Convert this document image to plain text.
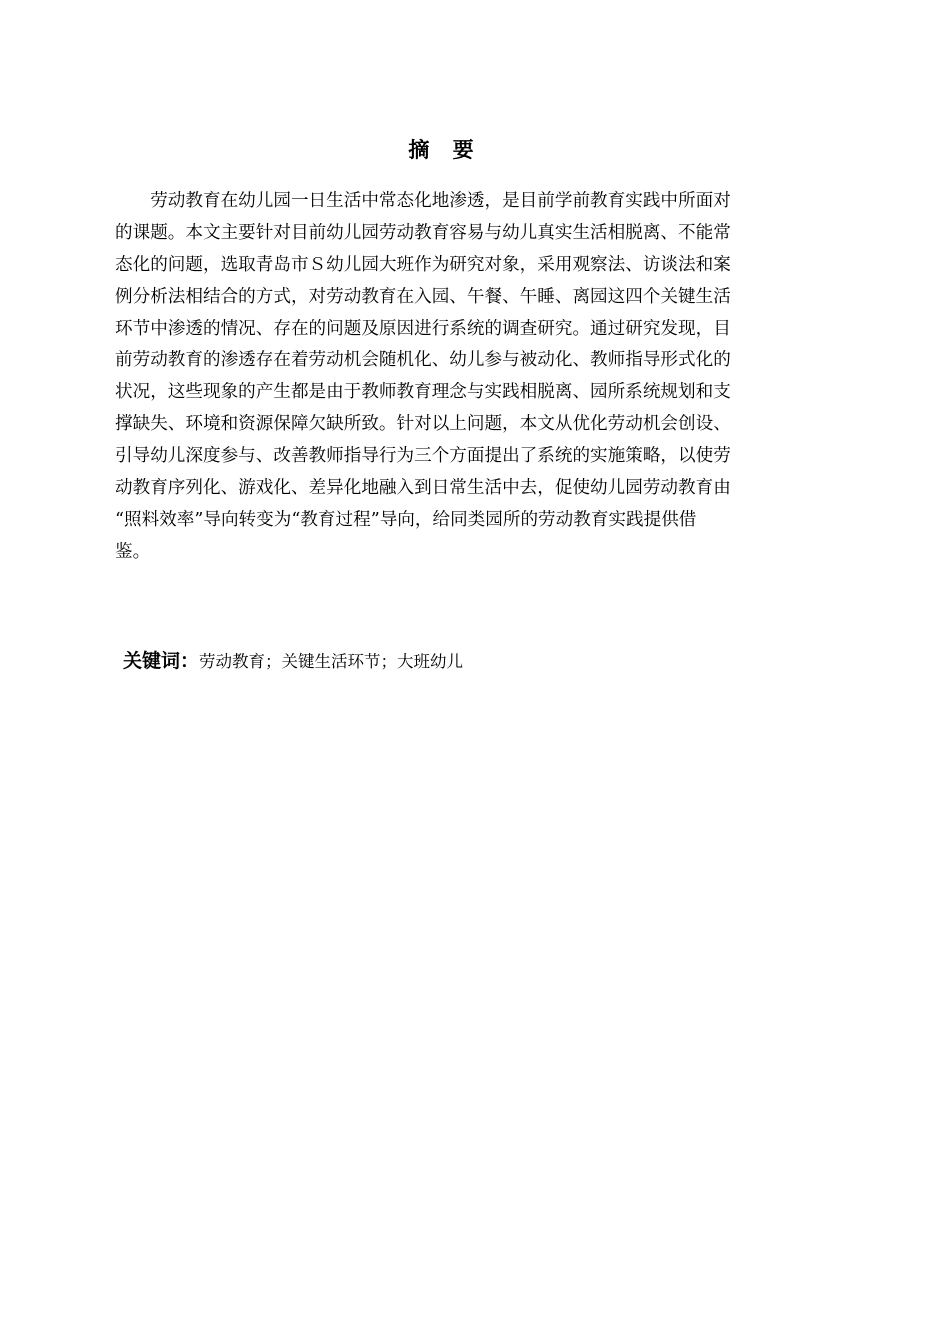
摘 要
　　劳动教育在幼儿园一日生活中常态化地渗透，是目前学前教育实践中所面对
的课题。本文主要针对目前幼儿园劳动教育容易与幼儿真实生活相脱离、不能常
态化的问题，选取青岛市Ｓ幼儿园大班作为研究对象，采用观察法、访谈法和案
例分析法相结合的方式，对劳动教育在入园、午餐、午睡、离园这四个关键生活
环节中渗透的情况、存在的问题及原因进行系统的调查研究。通过研究发现，目
前劳动教育的渗透存在着劳动机会随机化、幼儿参与被动化、教师指导形式化的
状况，这些现象的产生都是由于教师教育理念与实践相脱离、园所系统规划和支
撑缺失、环境和资源保障欠缺所致。针对以上问题，本文从优化劳动机会创设、
引导幼儿深度参与、改善教师指导行为三个方面提出了系统的实施策略，以使劳
动教育序列化、游戏化、差异化地融入到日常生活中去，促使幼儿园劳动教育由
“照料效率”导向转变为“教育过程”导向，给同类园所的劳动教育实践提供借
鉴。
关键词：劳动教育；关键生活环节；大班幼儿
